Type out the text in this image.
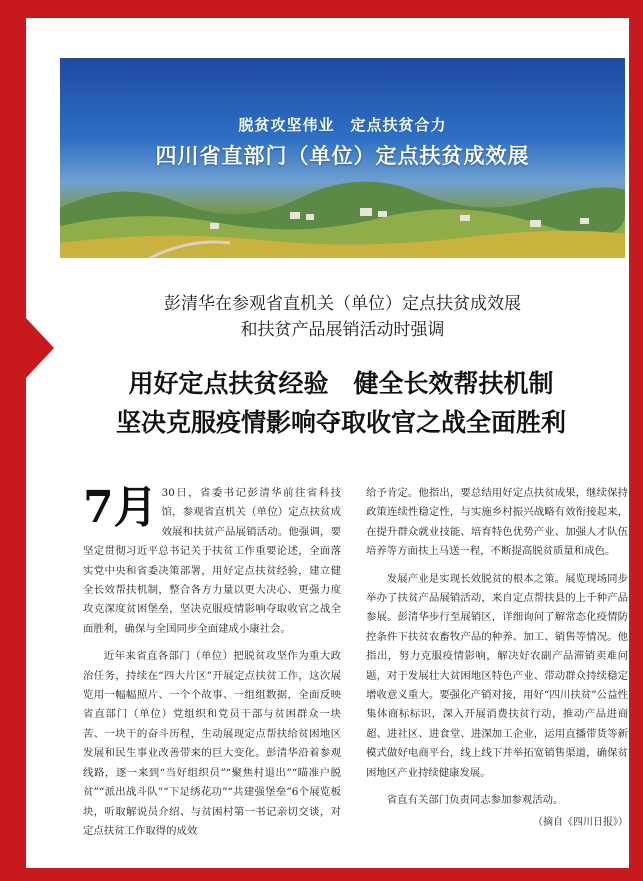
脱贫攻坚伟业　定点扶贫合力
四川省直部门（单位）定点扶贫成效展
彭清华在参观省直机关（单位）定点扶贫成效展
和扶贫产品展销活动时强调
用好定点扶贫经验　健全长效帮扶机制
坚决克服疫情影响夺取收官之战全面胜利

7月 30日，省委书记彭清华前往省科技馆，参观省直机关（单位）定点扶贫成效展和扶贫产品展销活动。他强调，要坚定贯彻习近平总书记关于扶贫工作重要论述，全面落实党中央和省委决策部署，用好定点扶贫经验，建立健全长效帮扶机制，整合各方力量以更大决心、更强力度攻克深度贫困堡垒，坚决克服疫情影响夺取收官之战全面胜利，确保与全国同步全面建成小康社会。

近年来省直各部门（单位）把脱贫攻坚作为重大政治任务，持续在“四大片区”开展定点扶贫工作，这次展览用一幅幅照片、一个个故事、一组组数据，全面反映省直部门（单位）党组织和党员干部与贫困群众一块苦、一块干的奋斗历程，生动展现定点帮扶给贫困地区发展和民生事业改善带来的巨大变化。彭清华沿着参观线路，逐一来到“当好组织员”“聚焦村退出”“瞄准户脱贫”“派出战斗队”“下足绣花功”“共建强堡垒”6个展览板块，听取解说员介绍、与贫困村第一书记亲切交谈，对定点扶贫工作取得的成效

给予肯定。他指出，要总结用好定点扶贫成果，继续保持政策连续性稳定性，与实施乡村振兴战略有效衔接起来，在提升群众就业技能、培育特色优势产业、加强人才队伍培养等方面扶上马送一程，不断提高脱贫质量和成色。

发展产业是实现长效脱贫的根本之策。展览现场同步举办了扶贫产品展销活动，来自定点帮扶县的上千种产品参展。彭清华步行至展销区，详细询问了解常态化疫情防控条件下扶贫农畜牧产品的种养、加工、销售等情况。他指出，努力克服疫情影响，解决好农副产品滞销卖难问题，对于发展壮大贫困地区特色产业、带动群众持续稳定增收意义重大。要强化产销对接，用好“四川扶贫”公益性集体商标标识，深入开展消费扶贫行动，推动产品进商超、进社区、进食堂、进深加工企业，运用直播带货等新模式做好电商平台，线上线下并举拓宽销售渠道，确保贫困地区产业持续健康发展。

省直有关部门负责同志参加参观活动。

（摘自《四川日报》）
